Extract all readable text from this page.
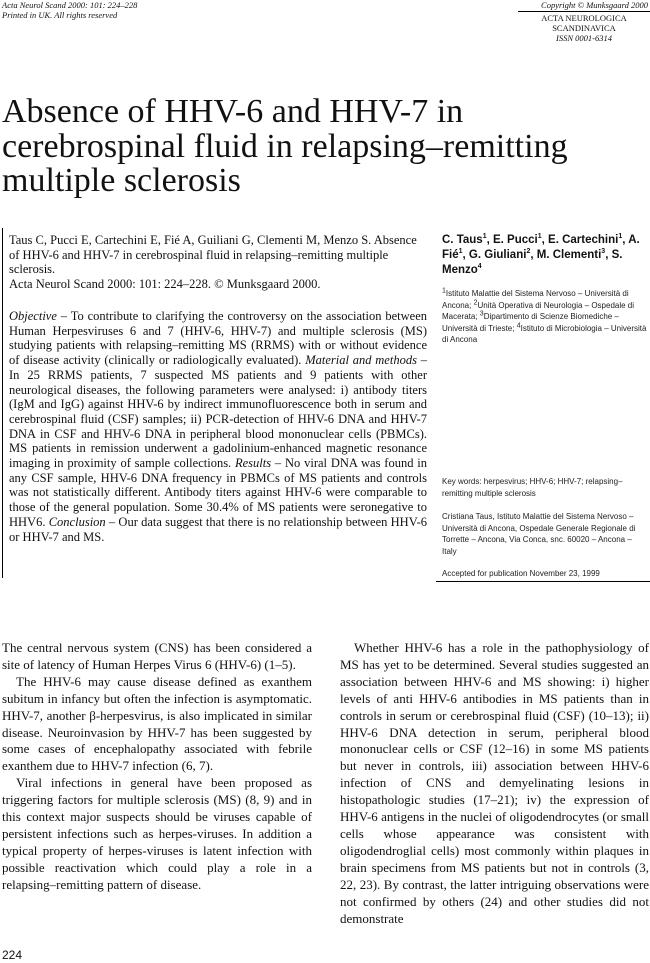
Acta Neurol Scand 2000: 101: 224–228
Printed in UK. All rights reserved
Copyright © Munksgaard 2000
ACTA NEUROLOGICA
SCANDINAVICA
ISSN 0001-6314
Absence of HHV-6 and HHV-7 in cerebrospinal fluid in relapsing–remitting multiple sclerosis
Taus C, Pucci E, Cartechini E, Fié A, Guiliani G, Clementi M, Menzo S. Absence of HHV-6 and HHV-7 in cerebrospinal fluid in relapsing–remitting multiple sclerosis.
Acta Neurol Scand 2000: 101: 224–228. © Munksgaard 2000.
Objective – To contribute to clarifying the controversy on the association between Human Herpesviruses 6 and 7 (HHV-6, HHV-7) and multiple sclerosis (MS) studying patients with relapsing–remitting MS (RRMS) with or without evidence of disease activity (clinically or radiologically evaluated). Material and methods – In 25 RRMS patients, 7 suspected MS patients and 9 patients with other neurological diseases, the following parameters were analysed: i) antibody titers (IgM and IgG) against HHV-6 by indirect immunofluorescence both in serum and cerebrospinal fluid (CSF) samples; ii) PCR-detection of HHV-6 DNA and HHV-7 DNA in CSF and HHV-6 DNA in peripheral blood mononuclear cells (PBMCs). MS patients in remission underwent a gadolinium-enhanced magnetic resonance imaging in proximity of sample collections. Results – No viral DNA was found in any CSF sample, HHV-6 DNA frequency in PBMCs of MS patients and controls was not statistically different. Antibody titers against HHV-6 were comparable to those of the general population. Some 30.4% of MS patients were seronegative to HHV6. Conclusion – Our data suggest that there is no relationship between HHV-6 or HHV-7 and MS.
C. Taus$^1$, E. Pucci$^1$, E. Cartechini$^1$, A. Fié$^1$, G. Giuliani$^2$, M. Clementi$^3$, S. Menzo$^4$
$^1$Istituto Malattie del Sistema Nervoso – Università di Ancona; $^2$Unità Operativa di Neurologia – Ospedale di Macerata; $^3$Dipartimento di Scienze Biomediche – Università di Trieste; $^4$Istituto di Microbiologia – Università di Ancona
Key words: herpesvirus; HHV-6; HHV-7; relapsing–remitting multiple sclerosis
Cristiana Taus, Istituto Malattie del Sistema Nervoso – Università di Ancona, Ospedale Generale Regionale di Torrette – Ancona, Via Conca, snc. 60020 – Ancona – Italy
Accepted for publication November 23, 1999

The central nervous system (CNS) has been considered a site of latency of Human Herpes Virus 6 (HHV-6) (1–5).

The HHV-6 may cause disease defined as exanthem subitum in infancy but often the infection is asymptomatic. HHV-7, another β-herpesvirus, is also implicated in similar disease. Neuroinvasion by HHV-7 has been suggested by some cases of encephalopathy associated with febrile exanthem due to HHV-7 infection (6, 7).

Viral infections in general have been proposed as triggering factors for multiple sclerosis (MS) (8, 9) and in this context major suspects should be viruses capable of persistent infections such as herpes-viruses. In addition a typical property of herpes-viruses is latent infection with possible reactivation which could play a role in a relapsing–remitting pattern of disease.

Whether HHV-6 has a role in the pathophysiology of MS has yet to be determined. Several studies suggested an association between HHV-6 and MS showing: i) higher levels of anti HHV-6 antibodies in MS patients than in controls in serum or cerebrospinal fluid (CSF) (10–13); ii) HHV-6 DNA detection in serum, peripheral blood mononuclear cells or CSF (12–16) in some MS patients but never in controls, iii) association between HHV-6 infection of CNS and demyelinating lesions in histopathologic studies (17–21); iv) the expression of HHV-6 antigens in the nuclei of oligodendrocytes (or small cells whose appearance was consistent with oligodendroglial cells) most commonly within plaques in brain specimens from MS patients but not in controls (3, 22, 23). By contrast, the latter intriguing observations were not confirmed by others (24) and other studies did not demonstrate

224
